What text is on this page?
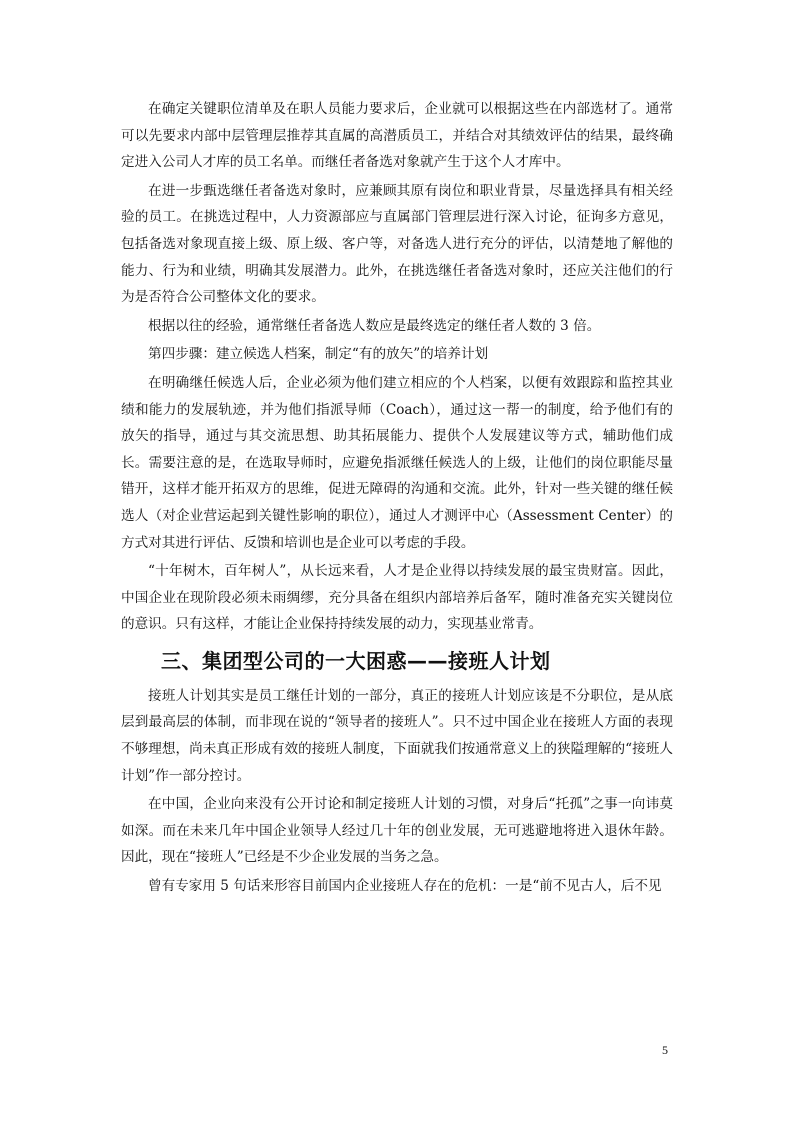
在确定关键职位清单及在职人员能力要求后，企业就可以根据这些在内部选材了。通常可以先要求内部中层管理层推荐其直属的高潜质员工，并结合对其绩效评估的结果，最终确定进入公司人才库的员工名单。而继任者备选对象就产生于这个人才库中。

在进一步甄选继任者备选对象时，应兼顾其原有岗位和职业背景，尽量选择具有相关经验的员工。在挑选过程中，人力资源部应与直属部门管理层进行深入讨论，征询多方意见，包括备选对象现直接上级、原上级、客户等，对备选人进行充分的评估，以清楚地了解他的能力、行为和业绩，明确其发展潜力。此外，在挑选继任者备选对象时，还应关注他们的行为是否符合公司整体文化的要求。

根据以往的经验，通常继任者备选人数应是最终选定的继任者人数的 3 倍。

第四步骤：建立候选人档案，制定“有的放矢”的培养计划

在明确继任候选人后，企业必须为他们建立相应的个人档案，以便有效跟踪和监控其业绩和能力的发展轨迹，并为他们指派导师（Coach），通过这一帮一的制度，给予他们有的放矢的指导，通过与其交流思想、助其拓展能力、提供个人发展建议等方式，辅助他们成长。需要注意的是，在选取导师时，应避免指派继任候选人的上级，让他们的岗位职能尽量错开，这样才能开拓双方的思维，促进无障碍的沟通和交流。此外，针对一些关键的继任候选人（对企业营运起到关键性影响的职位），通过人才测评中心（Assessment Center）的方式对其进行评估、反馈和培训也是企业可以考虑的手段。

“十年树木，百年树人”，从长远来看，人才是企业得以持续发展的最宝贵财富。因此，中国企业在现阶段必须未雨绸缪，充分具备在组织内部培养后备军，随时准备充实关键岗位的意识。只有这样，才能让企业保持持续发展的动力，实现基业常青。

三、集团型公司的一大困惑——接班人计划

接班人计划其实是员工继任计划的一部分，真正的接班人计划应该是不分职位，是从底层到最高层的体制，而非现在说的“领导者的接班人”。只不过中国企业在接班人方面的表现不够理想，尚未真正形成有效的接班人制度，下面就我们按通常意义上的狭隘理解的“接班人计划”作一部分控讨。

在中国，企业向来没有公开讨论和制定接班人计划的习惯，对身后“托孤”之事一向讳莫如深。而在未来几年中国企业领导人经过几十年的创业发展，无可逃避地将进入退休年龄。因此，现在“接班人”已经是不少企业发展的当务之急。

曾有专家用 5 句话来形容目前国内企业接班人存在的危机：一是“前不见古人，后不见

5
